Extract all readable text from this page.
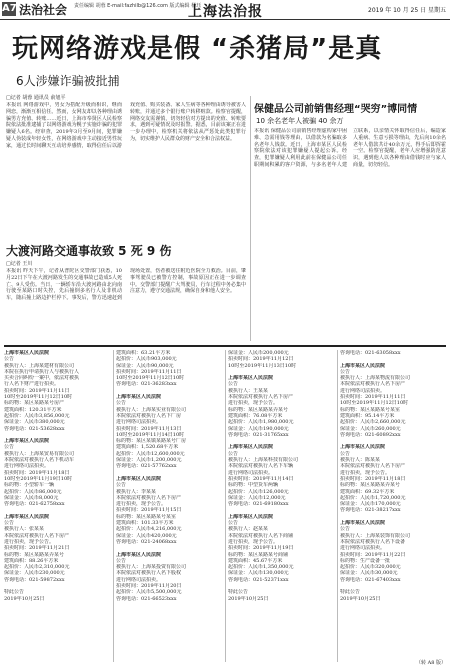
A7 法治社会 责任编辑 胡蓉 E-mail:fazhilb@126.com 版式编辑 杨珏
上海法治报	2019 年 10 月 25 日 星期五
玩网络游戏是假 “杀猪局”是真
6人涉嫌诈骗被批捕
□记者 胡蓉 通讯员 俞旭平
本报讯 网络游戏中，男女为搭配升级而相识，继而网恋，渐渐互相信任。然而，女网友却以各种理由诱骗男方充值、转账……近日，上海市奉贤区人民检察院依法批准逮捕了以网络游戏为幌子实施诈骗的犯罪嫌疑人6名。经审查，2019年3月至9月间，犯罪嫌疑人伪装成年轻女性，在网络游戏中主动接近男性玩家，通过长时间聊天互动培养感情，取得信任后以游戏充值、购买装备、家人生病等各种理由诱导被害人转账，并通过多个银行账户转移赃款。检察官提醒，网络交友需谨慎，切勿轻信对方提出的充值、转账要求，遇到可疑情况及时报警。据悉，目前该案正在进一步办理中，检察机关将依法从严惩处此类犯罪行为，切实维护人民群众的财产安全和合法权益。
大渡河路交通事故致 5 死 9 伤
□记者 王川
本报讯 昨天下午，记者从普陀区交警部门获悉，10月22日下午在大渡河路发生的交通事故已造成5人死亡、9人受伤。当日，一辆轿车沿大渡河路由北向南行驶至某路口时失控，先后撞倒多名行人及非机动车，随后撞上路边护栏停下。事发后，警方迅速赶到现场处置，伤者被送往附近医院全力救治。目前，肇事驾驶员已被警方控制，事故原因正在进一步调查中。交警部门提醒广大驾驶员，行车过程中务必集中注意力，遵守交通法规，确保自身和他人安全。
保健品公司前销售经理“哭穷”博同情
10 余名老年人被骗 40 余万
本报讯 保健品公司前销售经理虚构家中困难、急需用钱等理由，以借款为名骗取多名老年人钱款。近日，上海市某区人民检察院依法对该犯罪嫌疑人提起公诉。经查，犯罪嫌疑人利用此前在保健品公司任职期间积累的客户资源，与多名老年人建立联系，以亲情关怀取得信任后，编造家人重病、生意亏损等理由，先后向10余名老年人借款共计40余万元，得手后即挥霍一空。检察官提醒，老年人应增强防范意识，遇到他人以各种理由借钱时应与家人商量，切勿轻信。
上海市某区人民法院
公告
被执行人：上海某建材有限公司
本院在执行申请执行人与被执行人
买卖合同纠纷一案中，依法对被执
行人名下财产进行拍卖。
拍卖时间：2019年11月11日
10时至2019年11月12日10时
标的物：某区某路某号房产
建筑面积：120.31平方米
起拍价：人民币3,856,000元
保证金：人民币380,000元
咨询电话：021-53628xxx

上海市某区人民法院
公告
被执行人：上海某贸易有限公司
本院依法对被执行人名下机动车
进行网络司法拍卖。
拍卖时间：2019年11月18日
10时至2019年11月19日10时
标的物：小型轿车一辆
起拍价：人民币86,000元
保证金：人民币8,000元
咨询电话：021-62758xxx

上海市某区人民法院
公告
被执行人：张某某
本院依法对被执行人名下房产
进行拍卖，现予公告。
拍卖时间：2019年11月21日
标的物：某区某路某弄某号
建筑面积：88.26平方米
起拍价：人民币2,310,000元
保证金：人民币230,000元
咨询电话：021-59872xxx

特此公告
2019年10月25日
建筑面积：63.21平方米
起拍价：人民币903,000元
保证金：人民币90,000元
拍卖时间：2019年11月11日
10时至2019年11月12日10时
咨询电话：021-36283xxx

上海市某区人民法院
公告
被执行人：上海某实业有限公司
本院依法对被执行人名下厂房
进行网络司法拍卖。
拍卖时间：2019年11月13日
10时至2019年11月14日10时
标的物：某区某镇某路某号厂房
建筑面积：1,520.68平方米
起拍价：人民币12,600,000元
保证金：人民币1,200,000元
咨询电话：021-57762xxx

上海市某区人民法院
公告
被执行人：李某某
本院依法对被执行人名下房产
进行拍卖，现予公告。
拍卖时间：2019年11月15日
标的物：某区某路某号某室
建筑面积：101.33平方米
起拍价：人民币4,216,000元
保证金：人民币420,000元
咨询电话：021-24068xxx

上海市某区人民法院
公告
被执行人：上海某投资有限公司
本院依法对被执行人名下股权
进行网络司法拍卖。
拍卖时间：2019年11月20日
起拍价：人民币5,500,000元
咨询电话：021-66523xxx
保证金：人民币200,000元
拍卖时间：2019年11月12日
10时至2019年11月13日10时

上海市某区人民法院
公告
被执行人：王某某
本院依法对被执行人名下房产
进行拍卖，现予公告。
标的物：某区某路某弄某号
建筑面积：76.08平方米
起拍价：人民币1,980,000元
保证金：人民币190,000元
咨询电话：021-31765xxx

上海市某区人民法院
公告
被执行人：上海某科技有限公司
本院依法对被执行人名下车辆
进行网络司法拍卖。
拍卖时间：2019年11月14日
标的物：中型货车两辆
起拍价：人民币126,000元
保证金：人民币12,000元
咨询电话：021-69180xxx

上海市某区人民法院
公告
被执行人：赵某某
本院依法对被执行人名下商铺
进行拍卖，现予公告。
拍卖时间：2019年11月19日
标的物：某区某路某号商铺
建筑面积：45.67平方米
起拍价：人民币1,350,000元
保证金：人民币130,000元
咨询电话：021-52371xxx

特此公告
2019年10月25日
咨询电话：021-63058xxx

上海市某区人民法院
公告
被执行人：上海某物流有限公司
本院依法对被执行人名下房产
进行网络司法拍卖。
拍卖时间：2019年11月11日
10时至2019年11月12日10时
标的物：某区某路某号某室
建筑面积：95.14平方米
起拍价：人民币2,660,000元
保证金：人民币260,000元
咨询电话：021-60892xxx

上海市某区人民法院
公告
被执行人：陈某某
本院依法对被执行人名下房产
进行拍卖，现予公告。
拍卖时间：2019年11月18日
标的物：某区某路某弄某号
建筑面积：69.32平方米
起拍价：人民币1,720,000元
保证金：人民币170,000元
咨询电话：021-38217xxx

上海市某区人民法院
公告
被执行人：上海某装饰有限公司
本院依法对被执行人名下设备
进行网络司法拍卖。
拍卖时间：2019年11月22日
标的物：生产设备一批
起拍价：人民币320,000元
保证金：人民币30,000元
咨询电话：021-67403xxx

特此公告
2019年10月25日
（转 A8 版）
